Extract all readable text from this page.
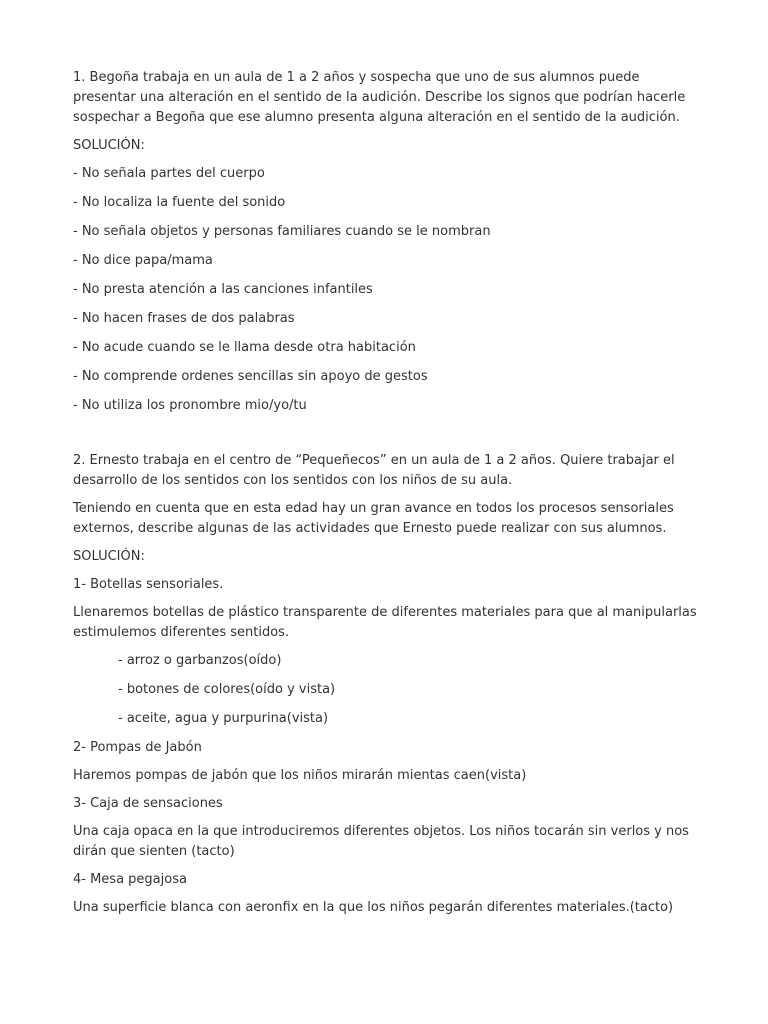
1. Begoña trabaja en un aula de 1 a 2 años y sospecha que uno de sus alumnos puede presentar una alteración en el sentido de la audición. Describe los signos que podrían hacerle sospechar a Begoña que ese alumno presenta alguna alteración en el sentido de la audición.

SOLUCIÓN:

- No señala partes del cuerpo

- No localiza la fuente del sonido

- No señala objetos y personas familiares cuando se le nombran

- No dice papa/mama

- No presta atención a las canciones infantiles

- No hacen frases de dos palabras

- No acude cuando se le llama desde otra habitación

- No comprende ordenes sencillas sin apoyo de gestos

- No utiliza los pronombre mio/yo/tu

2. Ernesto trabaja en el centro de “Pequeñecos” en un aula de 1 a 2 años. Quiere trabajar el desarrollo de los sentidos con los sentidos con los niños de su aula.

Teniendo en cuenta que en esta edad hay un gran avance en todos los procesos sensoriales externos, describe algunas de las actividades que Ernesto puede realizar con sus alumnos.

SOLUCIÓN:

1- Botellas sensoriales.

Llenaremos botellas de plástico transparente de diferentes materiales para que al manipularlas estimulemos diferentes sentidos.

- arroz o garbanzos(oído)

- botones de colores(oído y vista)

- aceite, agua y purpurina(vista)

2- Pompas de Jabón

Haremos pompas de jabón que los niños mirarán mientas caen(vista)

3- Caja de sensaciones

Una caja opaca en la que introduciremos diferentes objetos. Los niños tocarán sin verlos y nos dirán que sienten (tacto)

4- Mesa pegajosa

Una superficie blanca con aeronfix en la que los niños pegarán diferentes materiales.(tacto)
